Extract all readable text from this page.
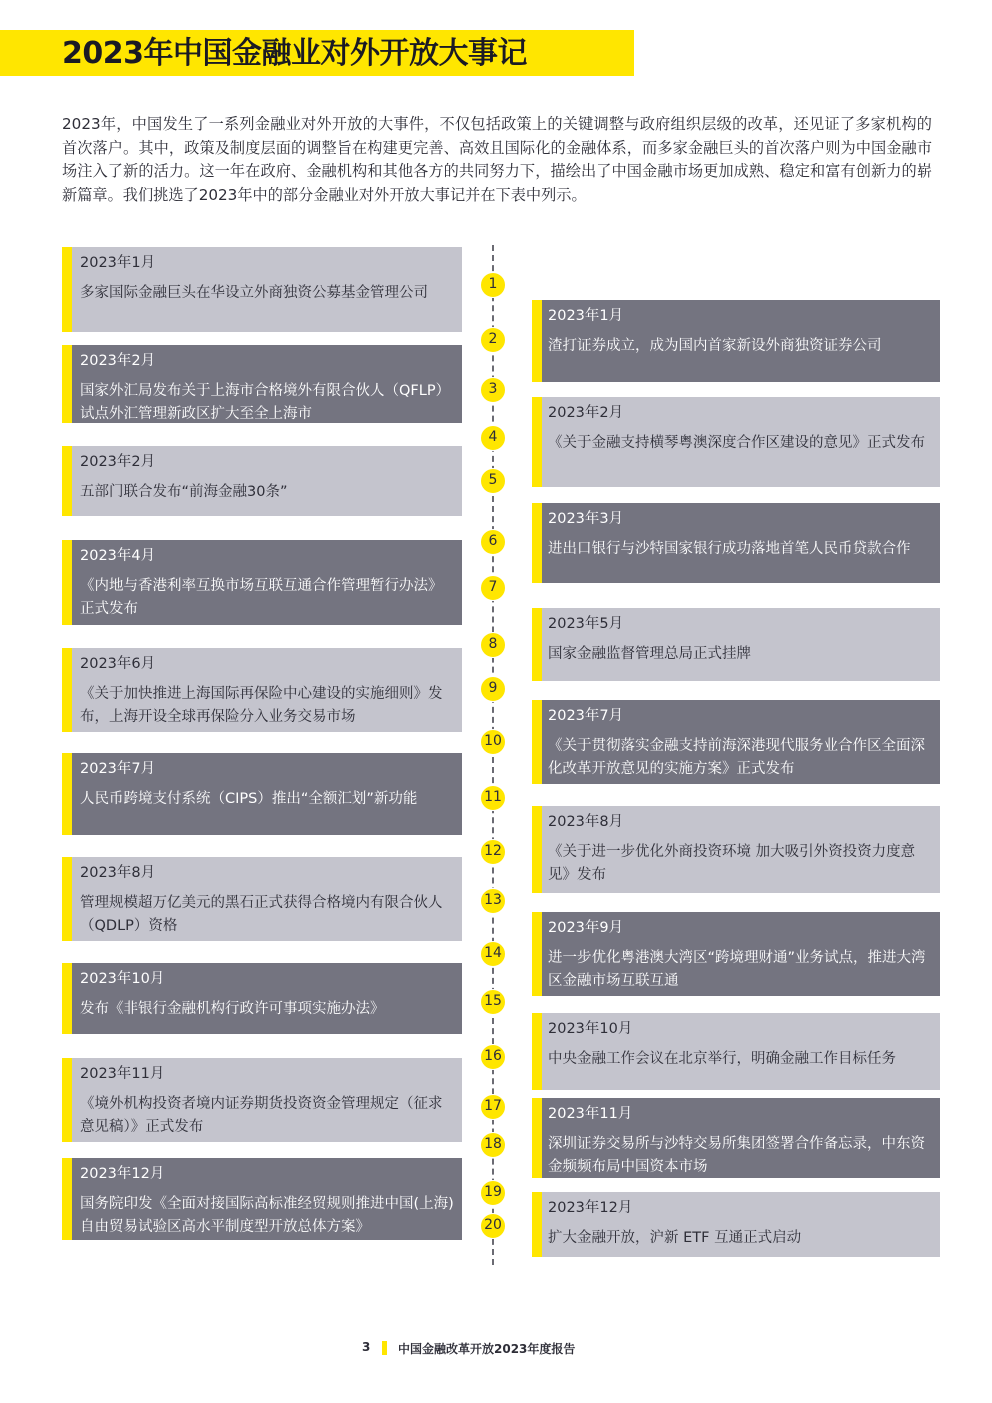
2023年中国金融业对外开放大事记
2023年，中国发生了一系列金融业对外开放的大事件，不仅包括政策上的关键调整与政府组织层级的改革，还见证了多家机构的首次落户。其中，政策及制度层面的调整旨在构建更完善、高效且国际化的金融体系，而多家金融巨头的首次落户则为中国金融市场注入了新的活力。这一年在政府、金融机构和其他各方的共同努力下，描绘出了中国金融市场更加成熟、稳定和富有创新力的崭新篇章。我们挑选了2023年中的部分金融业对外开放大事记并在下表中列示。
2023年1月
多家国际金融巨头在华设立外商独资公募基金管理公司
1
2023年1月
渣打证券成立，成为国内首家新设外商独资证券公司
2
2023年2月
国家外汇局发布关于上海市合格境外有限合伙人（QFLP）试点外汇管理新政区扩大至全上海市
3
2023年2月
《关于金融支持横琴粤澳深度合作区建设的意见》正式发布
4
2023年2月
五部门联合发布“前海金融30条”
5
2023年3月
进出口银行与沙特国家银行成功落地首笔人民币贷款合作
6
2023年4月
《内地与香港利率互换市场互联互通合作管理暂行办法》正式发布
7
2023年5月
国家金融监督管理总局正式挂牌
8
2023年6月
《关于加快推进上海国际再保险中心建设的实施细则》发布，上海开设全球再保险分入业务交易市场
9
2023年7月
《关于贯彻落实金融支持前海深港现代服务业合作区全面深化改革开放意见的实施方案》正式发布
10
2023年7月
人民币跨境支付系统（CIPS）推出“全额汇划”新功能	11
2023年8月
《关于进一步优化外商投资环境 加大吸引外资投资力度意见》发布
12
2023年8月
管理规模超万亿美元的黑石正式获得合格境内有限合伙人（QDLP）资格
13
2023年9月
进一步优化粤港澳大湾区“跨境理财通”业务试点，推进大湾区金融市场互联互通
14
2023年10月
发布《非银行金融机构行政许可事项实施办法》	15
2023年10月
中央金融工作会议在北京举行，明确金融工作目标任务
16
2023年11月
《境外机构投资者境内证券期货投资资金管理规定（征求意见稿）》正式发布
17	2023年11月
深圳证券交易所与沙特交易所集团签署合作备忘录，中东资金频频布局中国资本市场
18
2023年12月
国务院印发《全面对接国际高标准经贸规则推进中国(上海)自由贸易试验区高水平制度型开放总体方案》
19
2023年12月
扩大金融开放，沪新 ETF 互通正式启动
20
3 中国金融改革开放2023年度报告
